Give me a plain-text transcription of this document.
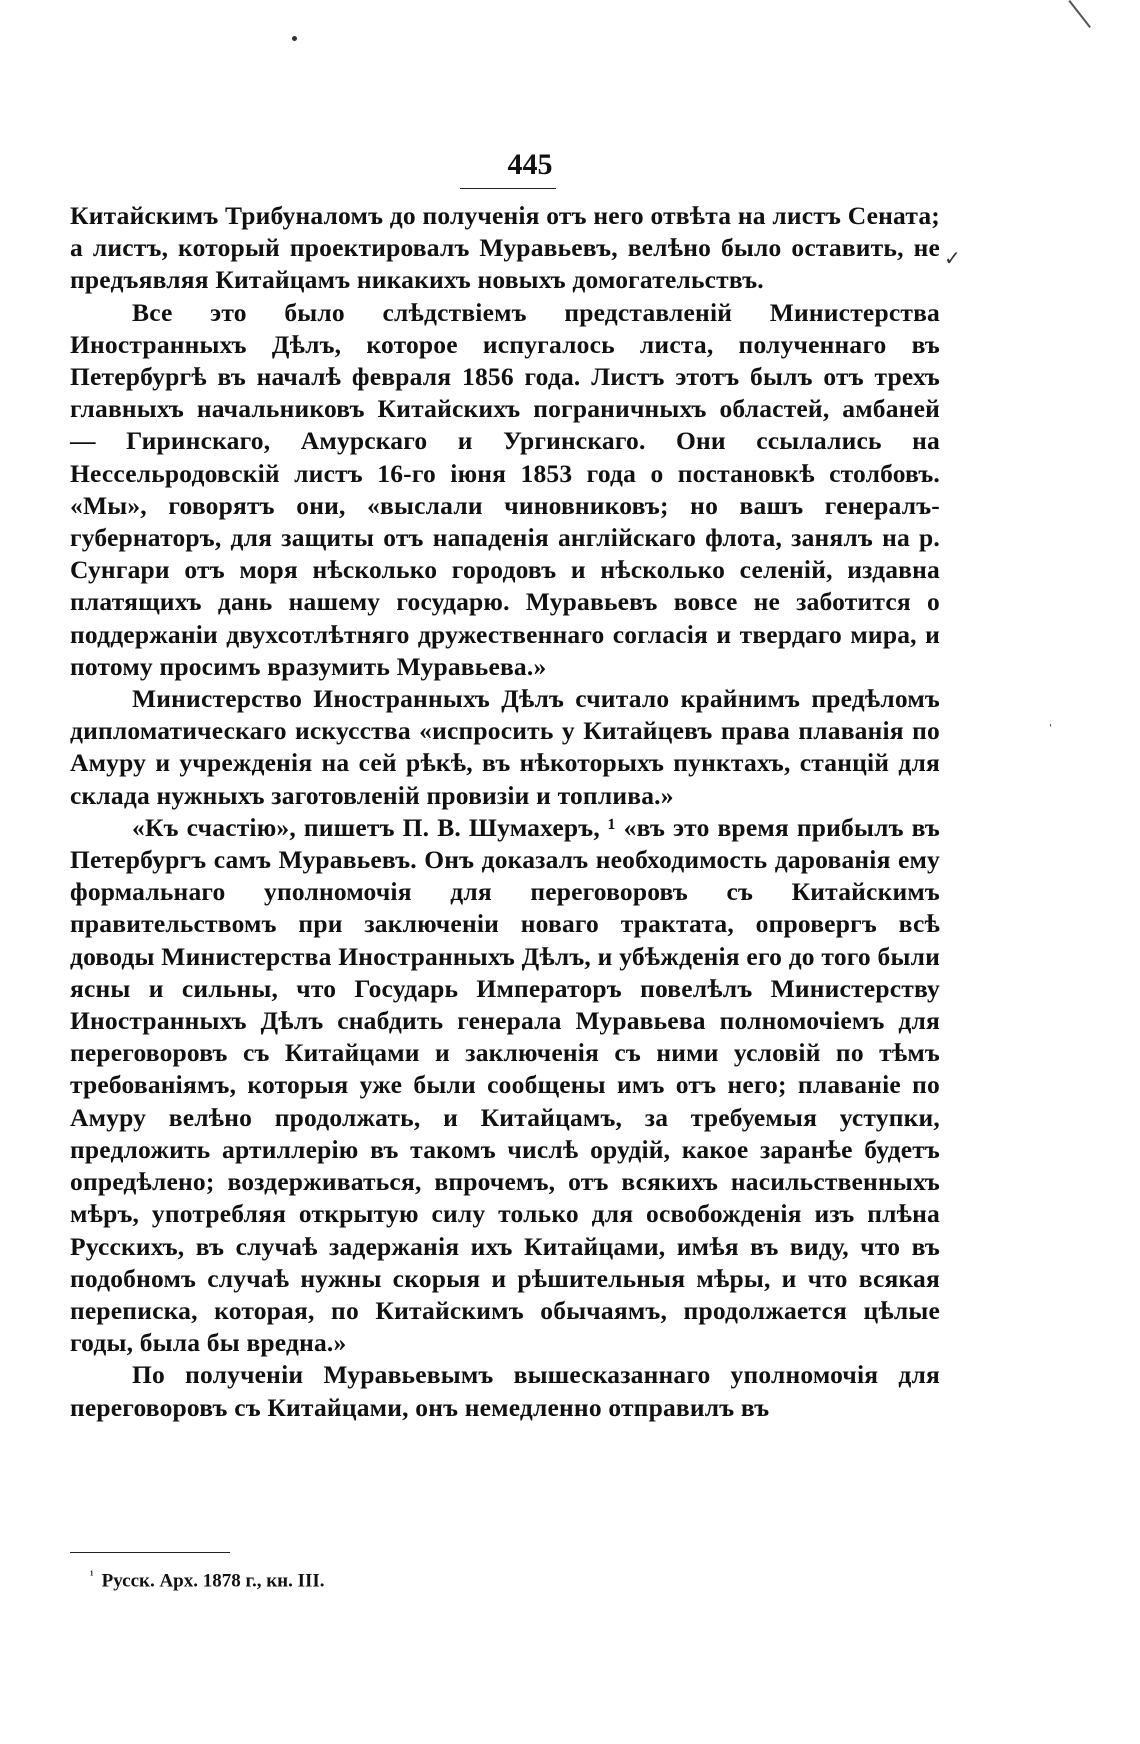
445

Китайскимъ Трибуналомъ до полученія отъ него отвѣта на листъ Сената; а листъ, который проектировалъ Муравьевъ, велѣно было оставить, не предъявляя Китайцамъ никакихъ новыхъ домогательствъ.

Все это было слѣдствіемъ представленій Министерства Иностранныхъ Дѣлъ, которое испугалось листа, полученнаго въ Петербургѣ въ началѣ февраля 1856 года. Листъ этотъ былъ отъ трехъ главныхъ начальниковъ Китайскихъ пограничныхъ областей, амбаней — Гиринскаго, Амурскаго и Ургинскаго. Они ссылались на Нессельродовскій листъ 16-го іюня 1853 года о постановкѣ столбовъ. «Мы», говорятъ они, «выслали чиновниковъ; но вашъ генералъ-губернаторъ, для защиты отъ нападенія англійскаго флота, занялъ на р. Сунгари отъ моря нѣсколько городовъ и нѣсколько селеній, издавна платящихъ дань нашему государю. Муравьевъ вовсе не заботится о поддержаніи двухсотлѣтняго дружественнаго согласія и твердаго мира, и потому просимъ вразумить Муравьева.»

Министерство Иностранныхъ Дѣлъ считало крайнимъ предѣломъ дипломатическаго искусства «испросить у Китайцевъ права плаванія по Амуру и учрежденія на сей рѣкѣ, въ нѣкоторыхъ пунктахъ, станцій для склада нужныхъ заготовленій провизіи и топлива.»

«Къ счастію», пишетъ П. В. Шумахеръ, ¹ «въ это время прибылъ въ Петербургъ самъ Муравьевъ. Онъ доказалъ необходимость дарованія ему формальнаго уполномочія для переговоровъ съ Китайскимъ правительствомъ при заключеніи новаго трактата, опровергъ всѣ доводы Министерства Иностранныхъ Дѣлъ, и убѣжденія его до того были ясны и сильны, что Государь Императоръ повелѣлъ Министерству Иностранныхъ Дѣлъ снабдить генерала Муравьева полномочіемъ для переговоровъ съ Китайцами и заключенія съ ними условій по тѣмъ требованіямъ, которыя уже были сообщены имъ отъ него; плаваніе по Амуру велѣно продолжать, и Китайцамъ, за требуемыя уступки, предложить артиллерію въ такомъ числѣ орудій, какое заранѣе будетъ опредѣлено; воздерживаться, впрочемъ, отъ всякихъ насильственныхъ мѣръ, употребляя открытую силу только для освобожденія изъ плѣна Русскихъ, въ случаѣ задержанія ихъ Китайцами, имѣя въ виду, что въ подобномъ случаѣ нужны скорыя и рѣшительныя мѣры, и что всякая переписка, которая, по Китайскимъ обычаямъ, продолжается цѣлые годы, была бы вредна.»

По полученіи Муравьевымъ вышесказаннаго уполномочія для переговоровъ съ Китайцами, онъ немедленно отправилъ въ

✓
ˈ
$^{^1}$ Русск. Арх. 1878 г., кн. III.
